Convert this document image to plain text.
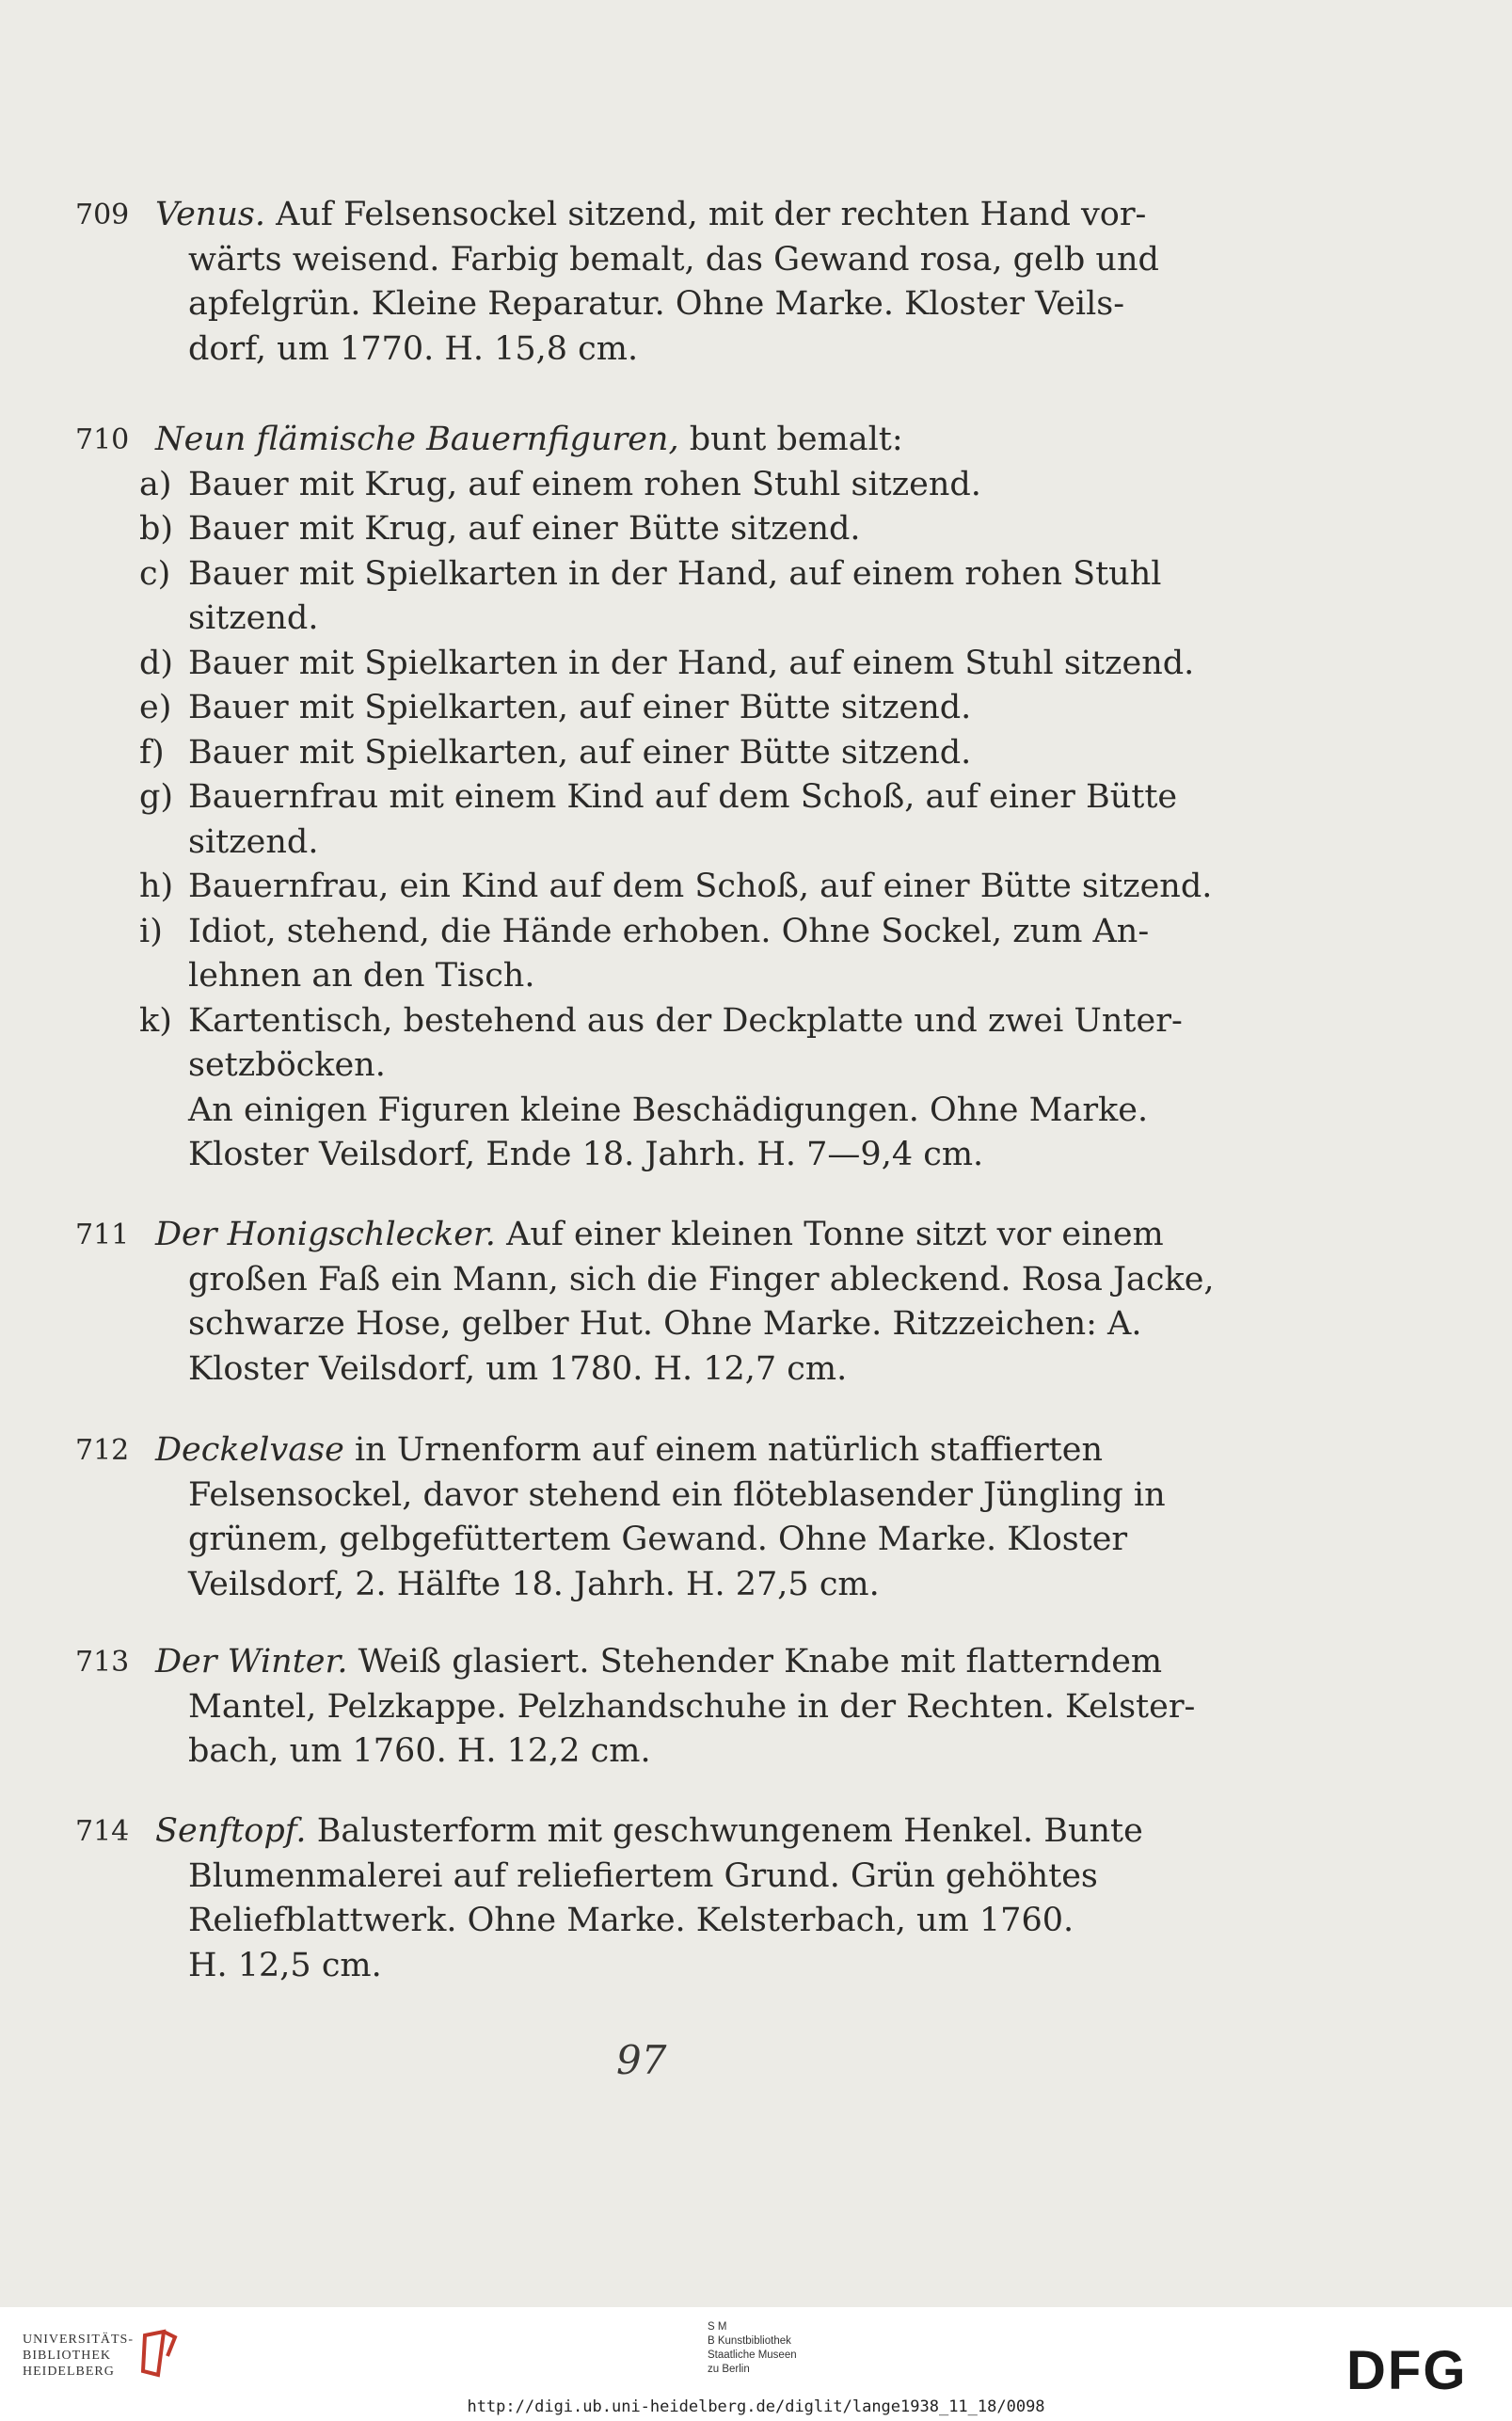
709 Venus. Auf Felsensockel sitzend, mit der rechten Hand vor-
wärts weisend. Farbig bemalt, das Gewand rosa, gelb und
apfelgrün. Kleine Reparatur. Ohne Marke. Kloster Veils-
dorf, um 1770. H. 15,8 cm.
710 Neun flämische Bauernfiguren, bunt bemalt:
a) Bauer mit Krug, auf einem rohen Stuhl sitzend.
b) Bauer mit Krug, auf einer Bütte sitzend.
c) Bauer mit Spielkarten in der Hand, auf einem rohen Stuhl
sitzend.
d) Bauer mit Spielkarten in der Hand, auf einem Stuhl sitzend.
e) Bauer mit Spielkarten, auf einer Bütte sitzend.
f) Bauer mit Spielkarten, auf einer Bütte sitzend.
g) Bauernfrau mit einem Kind auf dem Schoß, auf einer Bütte
sitzend.
h) Bauernfrau, ein Kind auf dem Schoß, auf einer Bütte sitzend.
i) Idiot, stehend, die Hände erhoben. Ohne Sockel, zum An-
lehnen an den Tisch.
k) Kartentisch, bestehend aus der Deckplatte und zwei Unter-
setzböcken.
An einigen Figuren kleine Beschädigungen. Ohne Marke.
Kloster Veilsdorf, Ende 18. Jahrh. H. 7—9,4 cm.
711 Der Honigschlecker. Auf einer kleinen Tonne sitzt vor einem
großen Faß ein Mann, sich die Finger ableckend. Rosa Jacke,
schwarze Hose, gelber Hut. Ohne Marke. Ritzzeichen: A.
Kloster Veilsdorf, um 1780. H. 12,7 cm.
712 Deckelvase in Urnenform auf einem natürlich staffierten
Felsensockel, davor stehend ein flöteblasender Jüngling in
grünem, gelbgefüttertem Gewand. Ohne Marke. Kloster
Veilsdorf, 2. Hälfte 18. Jahrh. H. 27,5 cm.
713 Der Winter. Weiß glasiert. Stehender Knabe mit flatterndem
Mantel, Pelzkappe. Pelzhandschuhe in der Rechten. Kelster-
bach, um 1760. H. 12,2 cm.
714 Senftopf. Balusterform mit geschwungenem Henkel. Bunte
Blumenmalerei auf reliefiertem Grund. Grün gehöhtes
Reliefblattwerk. Ohne Marke. Kelsterbach, um 1760.
H. 12,5 cm.
97
UNIVERSITÄTS-
BIBLIOTHEK
HEIDELBERG
S M
B Kunstbibliothek
Staatliche Museen
zu Berlin	DFG
http://digi.ub.uni-heidelberg.de/diglit/lange1938_11_18/0098
